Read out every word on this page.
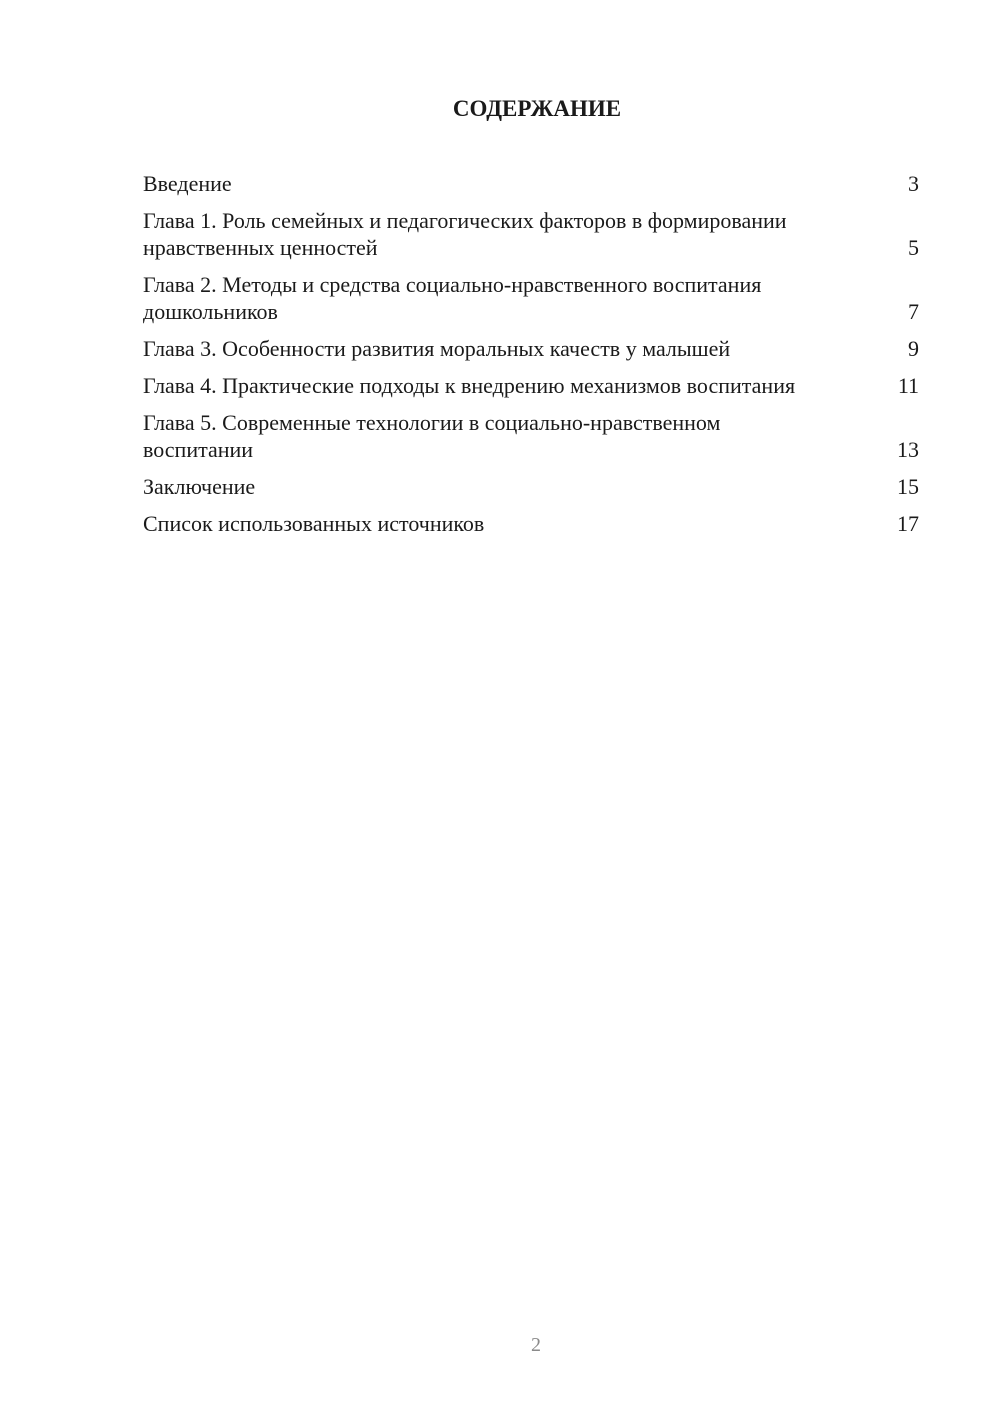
СОДЕРЖАНИЕ
Введение	3
Глава 1. Роль семейных и педагогических факторов в формировании нравственных ценностей	5
Глава 2. Методы и средства социально-нравственного воспитания дошкольников	7
Глава 3. Особенности развития моральных качеств у малышей	9
Глава 4. Практические подходы к внедрению механизмов воспитания	11
Глава 5. Современные технологии в социально-нравственном воспитании	13
Заключение	15
Список использованных источников	17
2
